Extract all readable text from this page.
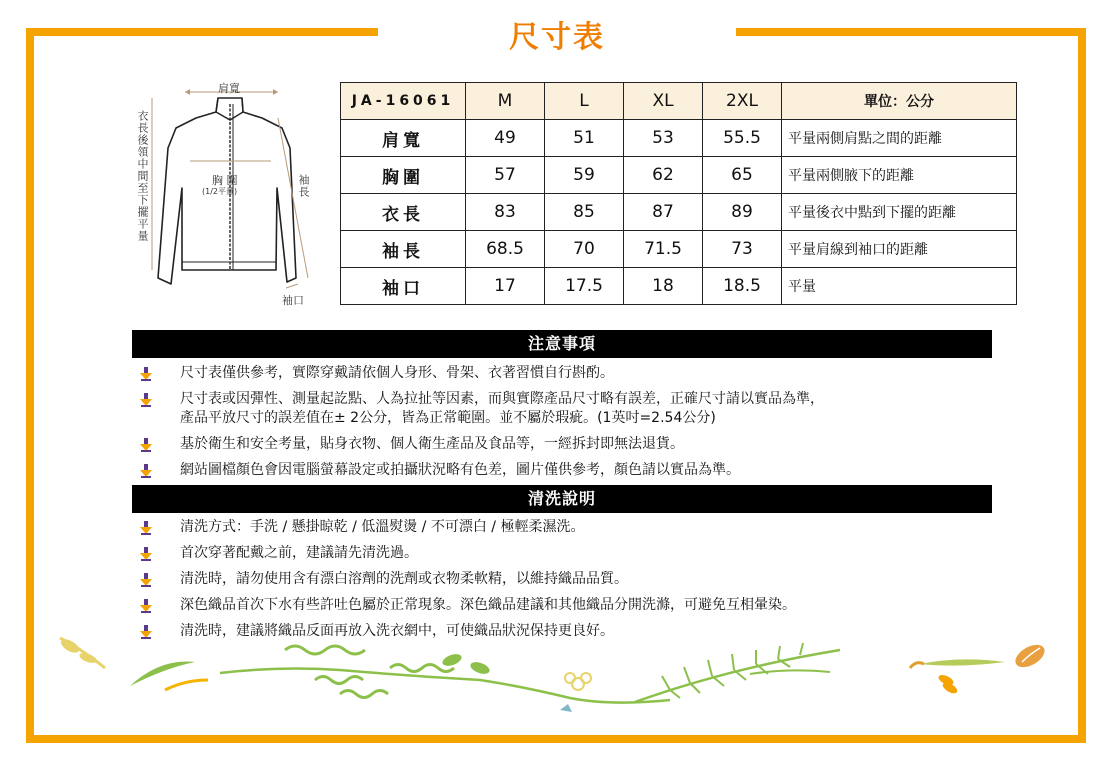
尺寸表
肩寬
胸 圍
(1/2平量)	袖長
衣長後領中間至下擺平量
袖口
JA-16061	M	L	XL	2XL	單位：公分
肩寬	49	51	53	55.5	平量兩側肩點之間的距離
胸圍	57	59	62	65	平量兩側腋下的距離
衣長	83	85	87	89	平量後衣中點到下擺的距離
袖長	68.5	70	71.5	73	平量肩線到袖口的距離
袖口	17	17.5	18	18.5	平量
注意事項
尺寸表僅供參考，實際穿戴請依個人身形、骨架、衣著習慣自行斟酌。
尺寸表或因彈性、測量起訖點、人為拉扯等因素，而與實際產品尺寸略有誤差，正確尺寸請以實品為準，
產品平放尺寸的誤差值在± 2公分，皆為正常範圍。並不屬於瑕疵。(1英吋=2.54公分)
基於衛生和安全考量，貼身衣物、個人衛生產品及食品等，一經拆封即無法退貨。
網站圖檔顏色會因電腦螢幕設定或拍攝狀況略有色差，圖片僅供參考，顏色請以實品為準。
清洗說明
清洗方式：手洗 / 懸掛晾乾 / 低溫熨燙 / 不可漂白 / 極輕柔濕洗。
首次穿著配戴之前，建議請先清洗過。
清洗時，請勿使用含有漂白溶劑的洗劑或衣物柔軟精，以維持織品品質。
深色織品首次下水有些許吐色屬於正常現象。深色織品建議和其他織品分開洗滌，可避免互相暈染。
清洗時，建議將織品反面再放入洗衣網中，可使織品狀況保持更良好。
